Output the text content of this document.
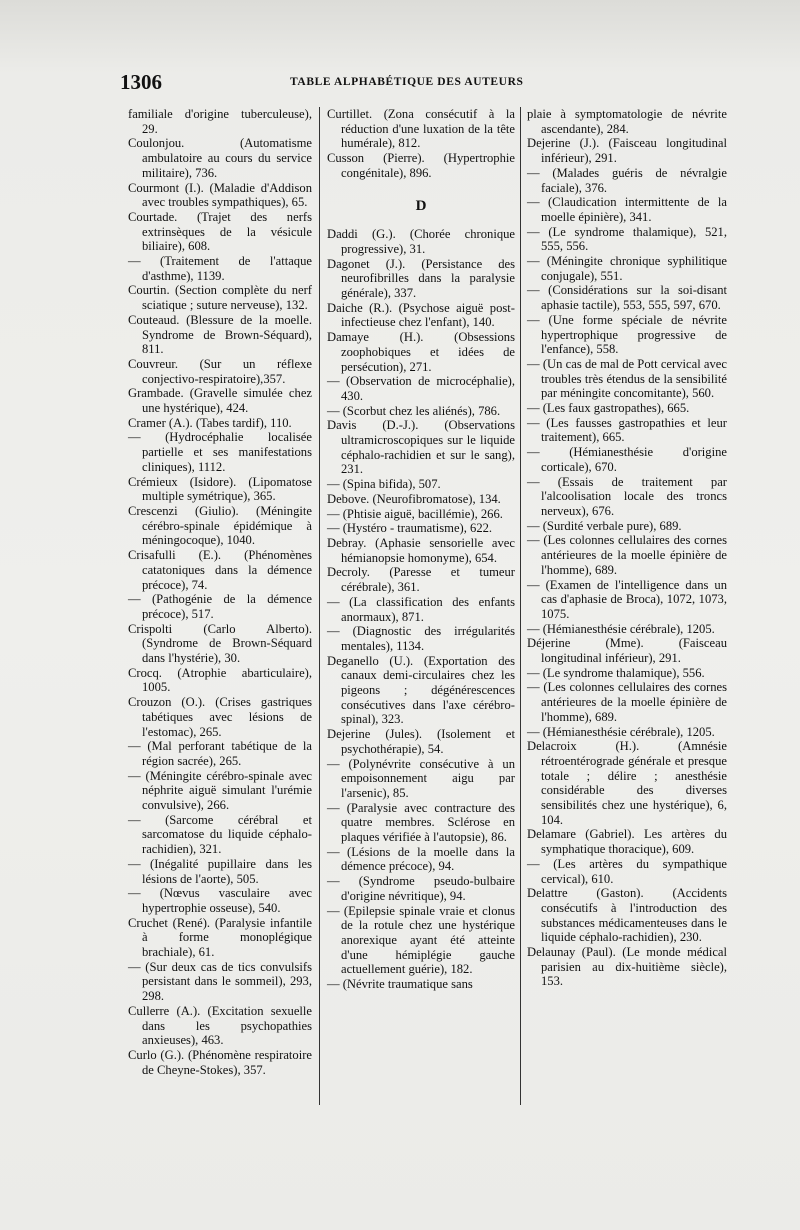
1306	TABLE ALPHABÉTIQUE DES AUTEURS

familiale d'origine tuberculeuse), 29.

Coulonjou. (Automatisme ambulatoire au cours du service militaire), 736.

Courmont (I.). (Maladie d'Addison avec troubles sympathiques), 65.

Courtade. (Trajet des nerfs extrinsèques de la vésicule biliaire), 608.

— (Traitement de l'attaque d'asthme), 1139.

Courtin. (Section complète du nerf sciatique ; suture nerveuse), 132.

Couteaud. (Blessure de la moelle. Syndrome de Brown-Séquard), 811.

Couvreur. (Sur un réflexe conjectivo-respiratoire),357.

Grambade. (Gravelle simulée chez une hystérique), 424.

Cramer (A.). (Tabes tardif), 110.

— (Hydrocéphalie localisée partielle et ses manifestations cliniques), 1112.

Crémieux (Isidore). (Lipomatose multiple symétrique), 365.

Crescenzi (Giulio). (Méningite cérébro-spinale épidémique à méningocoque), 1040.

Crisafulli (E.). (Phénomènes catatoniques dans la démence précoce), 74.

— (Pathogénie de la démence précoce), 517.

Crispolti (Carlo Alberto). (Syndrome de Brown-Séquard dans l'hystérie), 30.

Crocq. (Atrophie abarticulaire), 1005.

Crouzon (O.). (Crises gastriques tabétiques avec lésions de l'estomac), 265.

— (Mal perforant tabétique de la région sacrée), 265.

— (Méningite cérébro-spinale avec néphrite aiguë simulant l'urémie convulsive), 266.

— (Sarcome cérébral et sarcomatose du liquide céphalo-rachidien), 321.

— (Inégalité pupillaire dans les lésions de l'aorte), 505.

— (Nœvus vasculaire avec hypertrophie osseuse), 540.

Cruchet (René). (Paralysie infantile à forme monoplégique brachiale), 61.

— (Sur deux cas de tics convulsifs persistant dans le sommeil), 293, 298.

Cullerre (A.). (Excitation sexuelle dans les psychopathies anxieuses), 463.

Curlo (G.). (Phénomène respiratoire de Cheyne-Stokes), 357.

Curtillet. (Zona consécutif à la réduction d'une luxation de la tête humérale), 812.

Cusson (Pierre). (Hypertrophie congénitale), 896.

D

Daddi (G.). (Chorée chronique progressive), 31.

Dagonet (J.). (Persistance des neurofibrilles dans la paralysie générale), 337.

Daiche (R.). (Psychose aiguë post-infectieuse chez l'enfant), 140.

Damaye (H.). (Obsessions zoophobiques et idées de persécution), 271.

— (Observation de microcéphalie), 430.

— (Scorbut chez les aliénés), 786.

Davis (D.-J.). (Observations ultramicroscopiques sur le liquide céphalo-rachidien et sur le sang), 231.

— (Spina bifida), 507.

Debove. (Neurofibromatose), 134.

— (Phtisie aiguë, bacillémie), 266.

— (Hystéro - traumatisme), 622.

Debray. (Aphasie sensorielle avec hémianopsie homonyme), 654.

Decroly. (Paresse et tumeur cérébrale), 361.

— (La classification des enfants anormaux), 871.

— (Diagnostic des irrégularités mentales), 1134.

Deganello (U.). (Exportation des canaux demi-circulaires chez les pigeons ; dégénérescences consécutives dans l'axe cérébro-spinal), 323.

Dejerine (Jules). (Isolement et psychothérapie), 54.

— (Polynévrite consécutive à un empoisonnement aigu par l'arsenic), 85.

— (Paralysie avec contracture des quatre membres. Sclérose en plaques vérifiée à l'autopsie), 86.

— (Lésions de la moelle dans la démence précoce), 94.

— (Syndrome pseudo-bulbaire d'origine névritique), 94.

— (Epilepsie spinale vraie et clonus de la rotule chez une hystérique anorexique ayant été atteinte d'une hémiplégie gauche actuellement guérie), 182.

— (Névrite traumatique sans

plaie à symptomatologie de névrite ascendante), 284.

Dejerine (J.). (Faisceau longitudinal inférieur), 291.

— (Malades guéris de névralgie faciale), 376.

— (Claudication intermittente de la moelle épinière), 341.

— (Le syndrome thalamique), 521, 555, 556.

— (Méningite chronique syphilitique conjugale), 551.

— (Considérations sur la soi-disant aphasie tactile), 553, 555, 597, 670.

— (Une forme spéciale de névrite hypertrophique progressive de l'enfance), 558.

— (Un cas de mal de Pott cervical avec troubles très étendus de la sensibilité par méningite concomitante), 560.

— (Les faux gastropathes), 665.

— (Les fausses gastropathies et leur traitement), 665.

— (Hémianesthésie d'origine corticale), 670.

— (Essais de traitement par l'alcoolisation locale des troncs nerveux), 676.

— (Surdité verbale pure), 689.

— (Les colonnes cellulaires des cornes antérieures de la moelle épinière de l'homme), 689.

— (Examen de l'intelligence dans un cas d'aphasie de Broca), 1072, 1073, 1075.

— (Hémianesthésie cérébrale), 1205.

Déjerine (Mme). (Faisceau longitudinal inférieur), 291.

— (Le syndrome thalamique), 556.

— (Les colonnes cellulaires des cornes antérieures de la moelle épinière de l'homme), 689.

— (Hémianesthésie cérébrale), 1205.

Delacroix (H.). (Amnésie rétroentérograde générale et presque totale ; délire ; anesthésie considérable des diverses sensibilités chez une hystérique), 6, 104.

Delamare (Gabriel). Les artères du symphatique thoracique), 609.

— (Les artères du sympathique cervical), 610.

Delattre (Gaston). (Accidents consécutifs à l'introduction des substances médicamenteuses dans le liquide céphalo-rachidien), 230.

Delaunay (Paul). (Le monde médical parisien au dix-huitième siècle), 153.
